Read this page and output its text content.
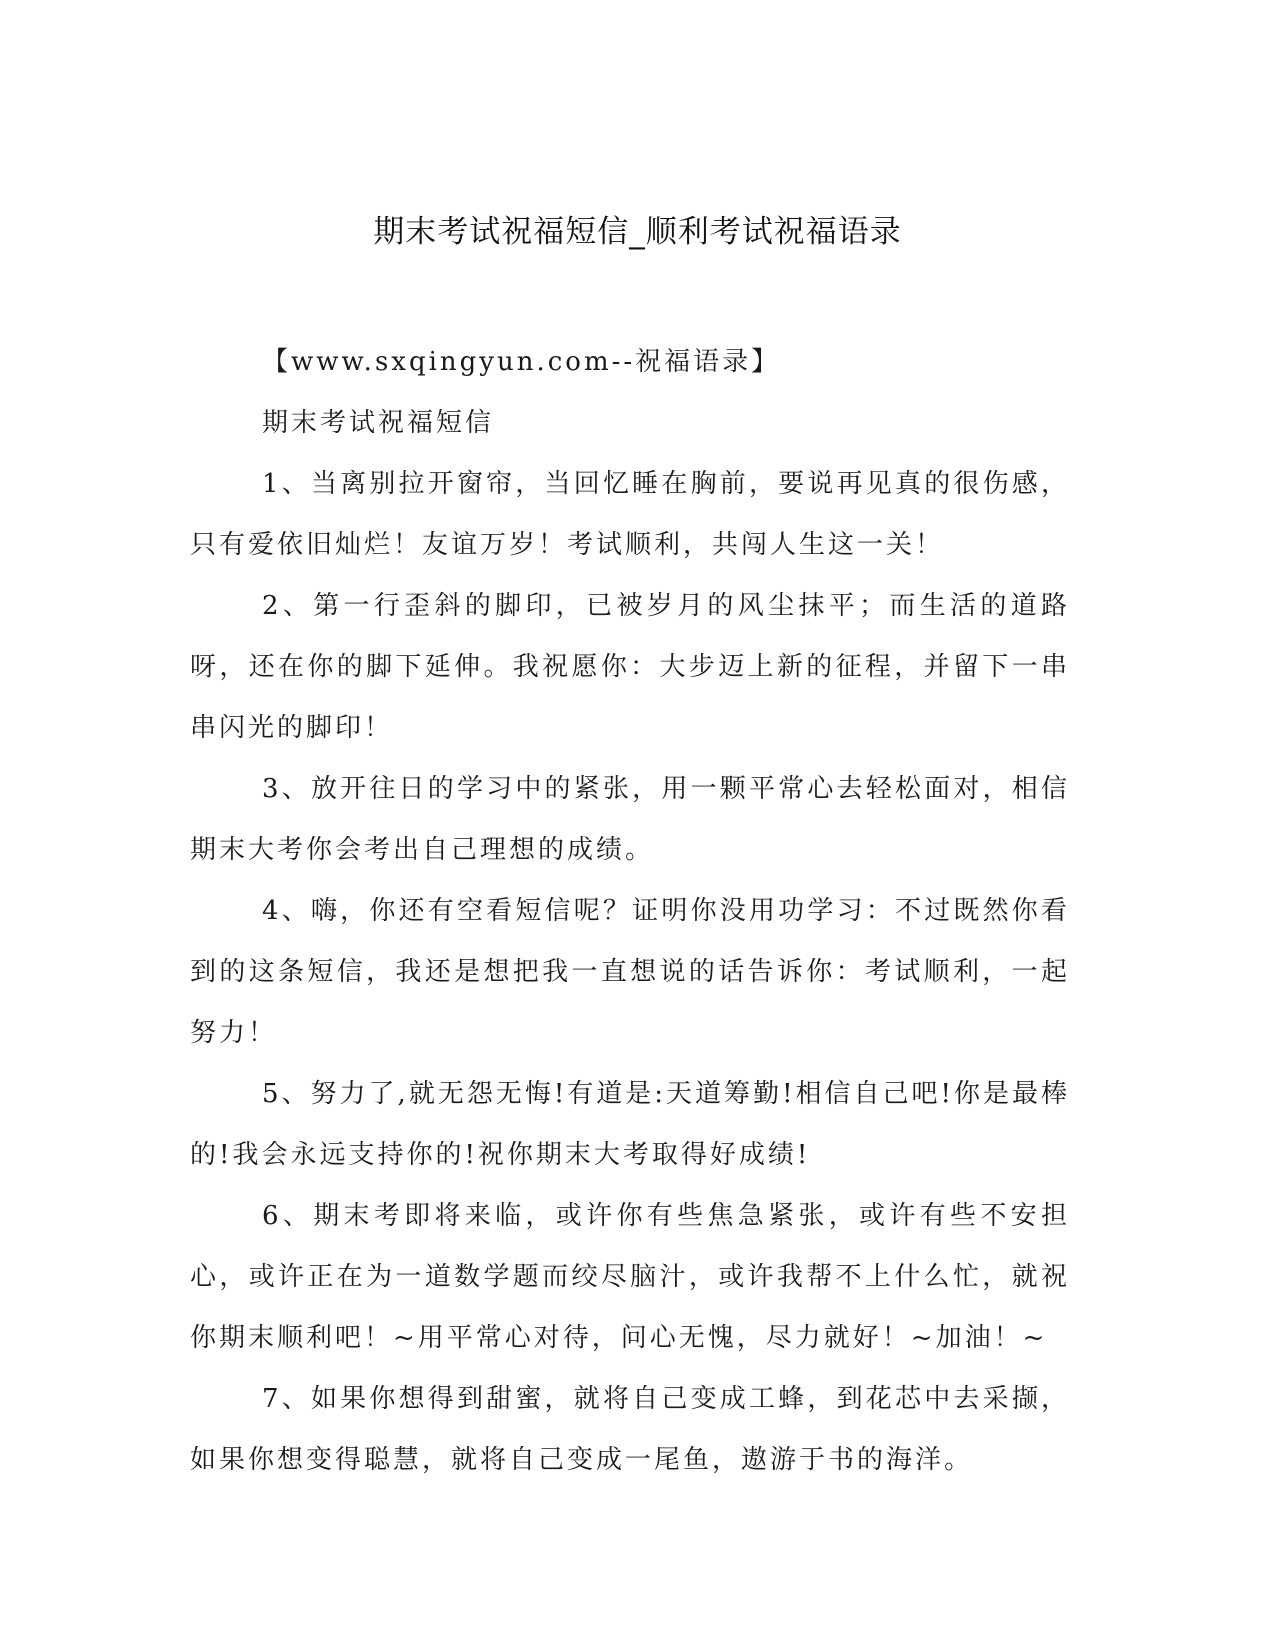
期末考试祝福短信_顺利考试祝福语录

【www.sxqingyun.com--祝福语录】

期末考试祝福短信

1、当离别拉开窗帘，当回忆睡在胸前，要说再见真的很伤感，只有爱依旧灿烂！友谊万岁！考试顺利，共闯人生这一关！

2、第一行歪斜的脚印，已被岁月的风尘抹平；而生活的道路呀，还在你的脚下延伸。我祝愿你：大步迈上新的征程，并留下一串串闪光的脚印！

3、放开往日的学习中的紧张，用一颗平常心去轻松面对，相信期末大考你会考出自己理想的成绩。

4、嗨，你还有空看短信呢？证明你没用功学习：不过既然你看到的这条短信，我还是想把我一直想说的话告诉你：考试顺利，一起努力！

5、努力了,就无怨无悔!有道是:天道筹勤!相信自己吧!你是最棒的!我会永远支持你的!祝你期末大考取得好成绩!

6、期末考即将来临，或许你有些焦急紧张，或许有些不安担心，或许正在为一道数学题而绞尽脑汁，或许我帮不上什么忙，就祝你期末顺利吧！~用平常心对待，问心无愧，尽力就好！~加油！~

7、如果你想得到甜蜜，就将自己变成工蜂，到花芯中去采撷，如果你想变得聪慧，就将自己变成一尾鱼，遨游于书的海洋。
